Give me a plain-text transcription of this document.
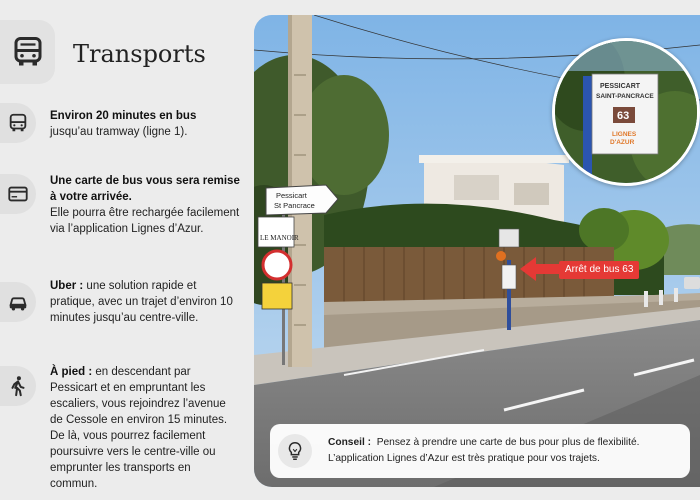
Transports
Environ 20 minutes en bus
jusqu’au tramway (ligne 1).
Une carte de bus vous sera remise à votre arrivée.
Elle pourra être rechargée facilement via l’application Lignes d’Azur.
Uber : une solution rapide et pratique, avec un trajet d’environ 10 minutes jusqu’au centre-ville.
À pied : en descendant par Pessicart et en empruntant les escaliers, vous rejoindrez l’avenue de Cessole en environ 15 minutes. De là, vous pourrez facilement poursuivre vers le centre-ville ou emprunter les transports en commun.
Pessicart
St Pancrace
LE MANOIR
Arrêt de bus 63
PESSICART
SAINT-PANCRACE
63
LIGNES
D'AZUR
Conseil : Pensez à prendre une carte de bus pour plus de flexibilité.
L’application Lignes d’Azur est très pratique pour vos trajets.
